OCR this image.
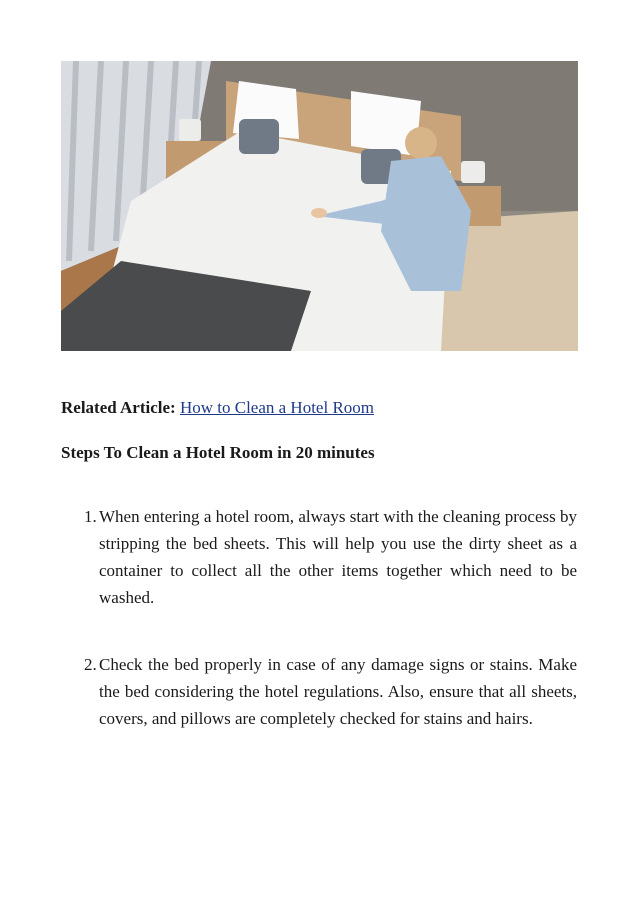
Related Article: How to Clean a Hotel Room
Steps To Clean a Hotel Room in 20 minutes
1. When entering a hotel room, always start with the cleaning process by stripping the bed sheets. This will help you use the dirty sheet as a container to collect all the other items together which need to be washed.
2. Check the bed properly in case of any damage signs or stains. Make the bed considering the hotel regulations. Also, ensure that all sheets, covers, and pillows are completely checked for stains and hairs.
